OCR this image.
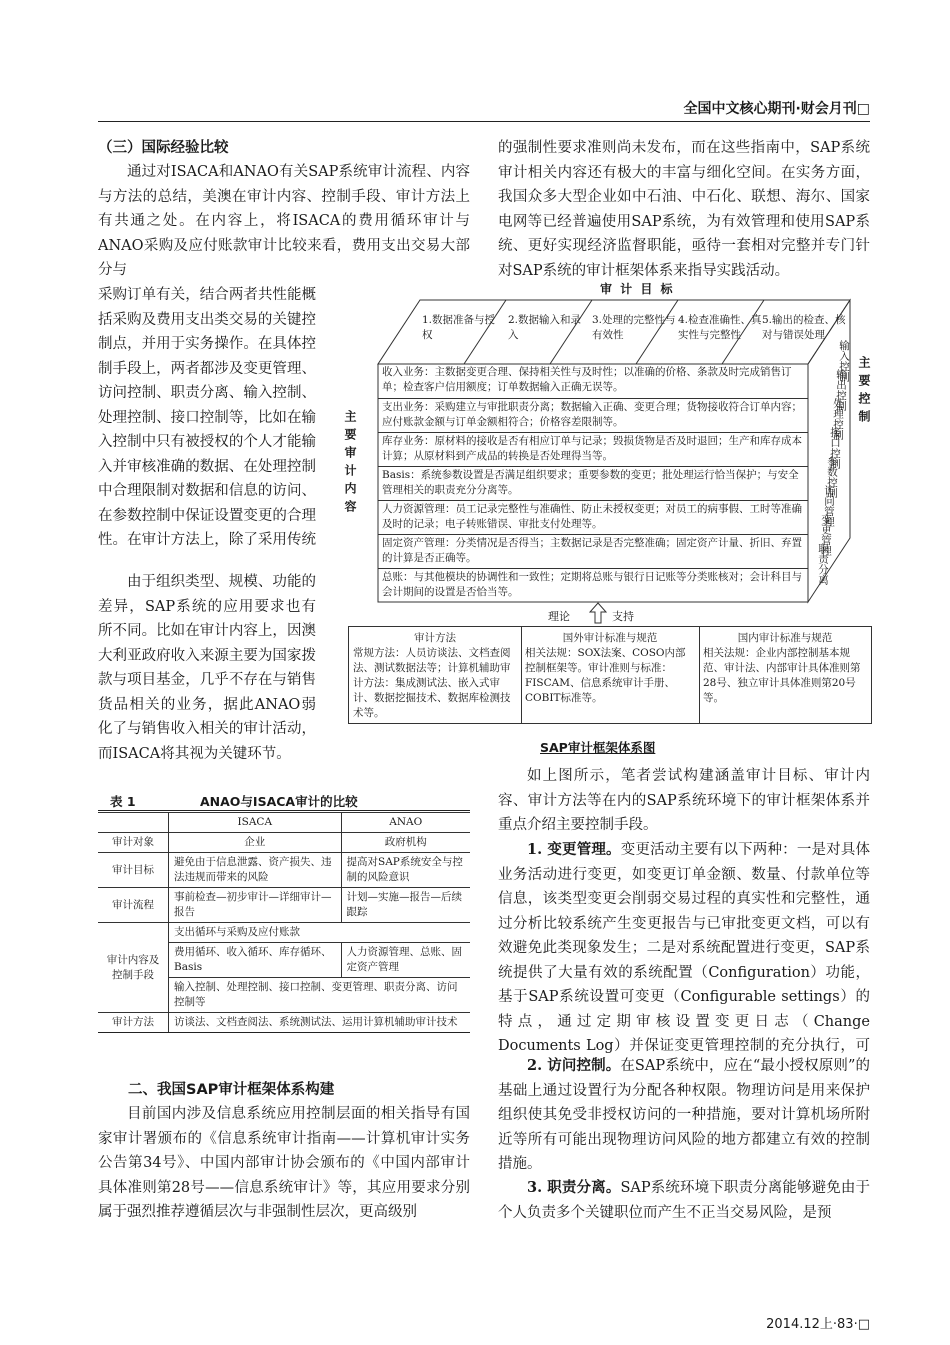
全国中文核心期刊·财会月刊□
（三）国际经验比较

通过对ISACA和ANAO有关SAP系统审计流程、内容与方法的总结，美澳在审计内容、控制手段、审计方法上有共通之处。在内容上，将ISACA的费用循环审计与ANAO采购及应付账款审计比较来看，费用支出交易大部分与

采购订单有关，结合两者共性能概括采购及费用支出类交易的关键控制点，并用于实务操作。在具体控制手段上，两者都涉及变更管理、访问控制、职责分离、输入控制、处理控制、接口控制等，比如在输入控制中只有被授权的个人才能输入并审核准确的数据、在处理控制中合理限制对数据和信息的访问、在参数控制中保证设置变更的合理性。在审计方法上，除了采用传统

由于组织类型、规模、功能的差异，SAP系统的应用要求也有所不同。比如在审计内容上，因澳大利亚政府收入来源主要为国家拨款与项目基金，几乎不存在与销售货品相关的业务，据此ANAO弱化了与销售收入相关的审计活动，而ISACA将其视为关键环节。

表 1	ANAO与ISACA审计的比较
	ISACA	ANAO
审计对象	企业	政府机构
审计目标	避免由于信息泄露、资产损失、违法违规而带来的风险	提高对SAP系统安全与控制的风险意识
审计流程	事前检查—初步审计—详细审计—报告	计划—实施—报告—后续跟踪
审计内容及控制手段	支出循环与采购及应付账款	
	费用循环、收入循环、库存循环、Basis	人力资源管理、总账、固定资产管理
	输入控制、处理控制、接口控制、变更管理、职责分离、访问控制等	
审计方法	访谈法、文档查阅法、系统测试法、运用计算机辅助审计技术	
二、我国SAP审计框架体系构建

目前国内涉及信息系统应用控制层面的相关指导有国家审计署颁布的《信息系统审计指南——计算机审计实务公告第34号》、中国内部审计协会颁布的《中国内部审计具体准则第28号——信息系统审计》等，其应用要求分别属于强烈推荐遵循层次与非强制性层次，更高级别

的强制性要求准则尚未发布，而在这些指南中，SAP系统审计相关内容还有极大的丰富与细化空间。在实务方面，我国众多大型企业如中石油、中石化、联想、海尔、国家电网等已经普遍使用SAP系统，为有效管理和使用SAP系统、更好实现经济监督职能，亟待一套相对完整并专门针对SAP系统的审计框架体系来指导实践活动。

审 计 目 标
1.数据准备与授权
2.数据输入和录入
3.处理的完整性与有效性
4.检查准确性、真实性与完整性
5.输出的检查、核对与错误处理
主要审计内容
主要控制
收入业务：主数据变更合理、保持相关性与及时性；以准确的价格、条款及时完成销售订单；检查客户信用额度；订单数据输入正确无误等。
支出业务：采购建立与审批职责分离；数据输入正确、变更合理；货物接收符合订单内容；应付账款金额与订单金额相符合；价格容差限制等。
库存业务：原材料的接收是否有相应订单与记录；毁损货物是否及时退回；生产和库存成本计算；从原材料到产成品的转换是否处理得当等。
Basis：系统参数设置是否满足组织要求；重要参数的变更；批处理运行恰当保护；与安全管理相关的职责充分分离等。
人力资源管理：员工记录完整性与准确性、防止未授权变更；对员工的病事假、工时等准确及时的记录；电子转账错误、审批支付处理等。
固定资产管理：分类情况是否得当；主数据记录是否完整准确；固定资产计量、折旧、弃置的计算是否正确等。
总账：与其他模块的协调性和一致性；定期将总账与银行日记账等分类账核对；会计科目与会计期间的设置是否恰当等。
输入控制
输出控制
处理控制
接口控制
参数控制
访问管理
变更管理
职责分离
理论	支持
审计方法
常规方法：人员访谈法、文档查阅法、测试数据法等；计算机辅助审计方法：集成测试法、嵌入式审计、数据挖掘技术、数据库检测技术等。
国外审计标准与规范
相关法规：SOX法案、COSO内部控制框架等。审计准则与标准：FISCAM、信息系统审计手册、COBIT标准等。
国内审计标准与规范
相关法规：企业内部控制基本规范、审计法、内部审计具体准则第28号、独立审计具体准则第20号等。
SAP审计框架体系图

如上图所示，笔者尝试构建涵盖审计目标、审计内容、审计方法等在内的SAP系统环境下的审计框架体系并重点介绍主要控制手段。

1. 变更管理。变更活动主要有以下两种：一是对具体业务活动进行变更，如变更订单金额、数量、付款单位等信息，该类型变更会削弱交易过程的真实性和完整性，通过分析比较系统产生变更报告与已审批变更文档，可以有效避免此类现象发生；二是对系统配置进行变更，SAP系统提供了大量有效的系统配置（Configuration）功能，基于SAP系统设置可变更（Configurable settings）的特点，通过定期审核设置变更日志（Change Documents Log）并保证变更管理控制的充分执行，可

2. 访问控制。在SAP系统中，应在“最小授权原则”的基础上通过设置行为分配各种权限。物理访问是用来保护组织使其免受非授权访问的一种措施，要对计算机场所附近等所有可能出现物理访问风险的地方都建立有效的控制措施。

3. 职责分离。SAP系统环境下职责分离能够避免由于个人负责多个关键职位而产生不正当交易风险，是预

2014.12上·83·□
